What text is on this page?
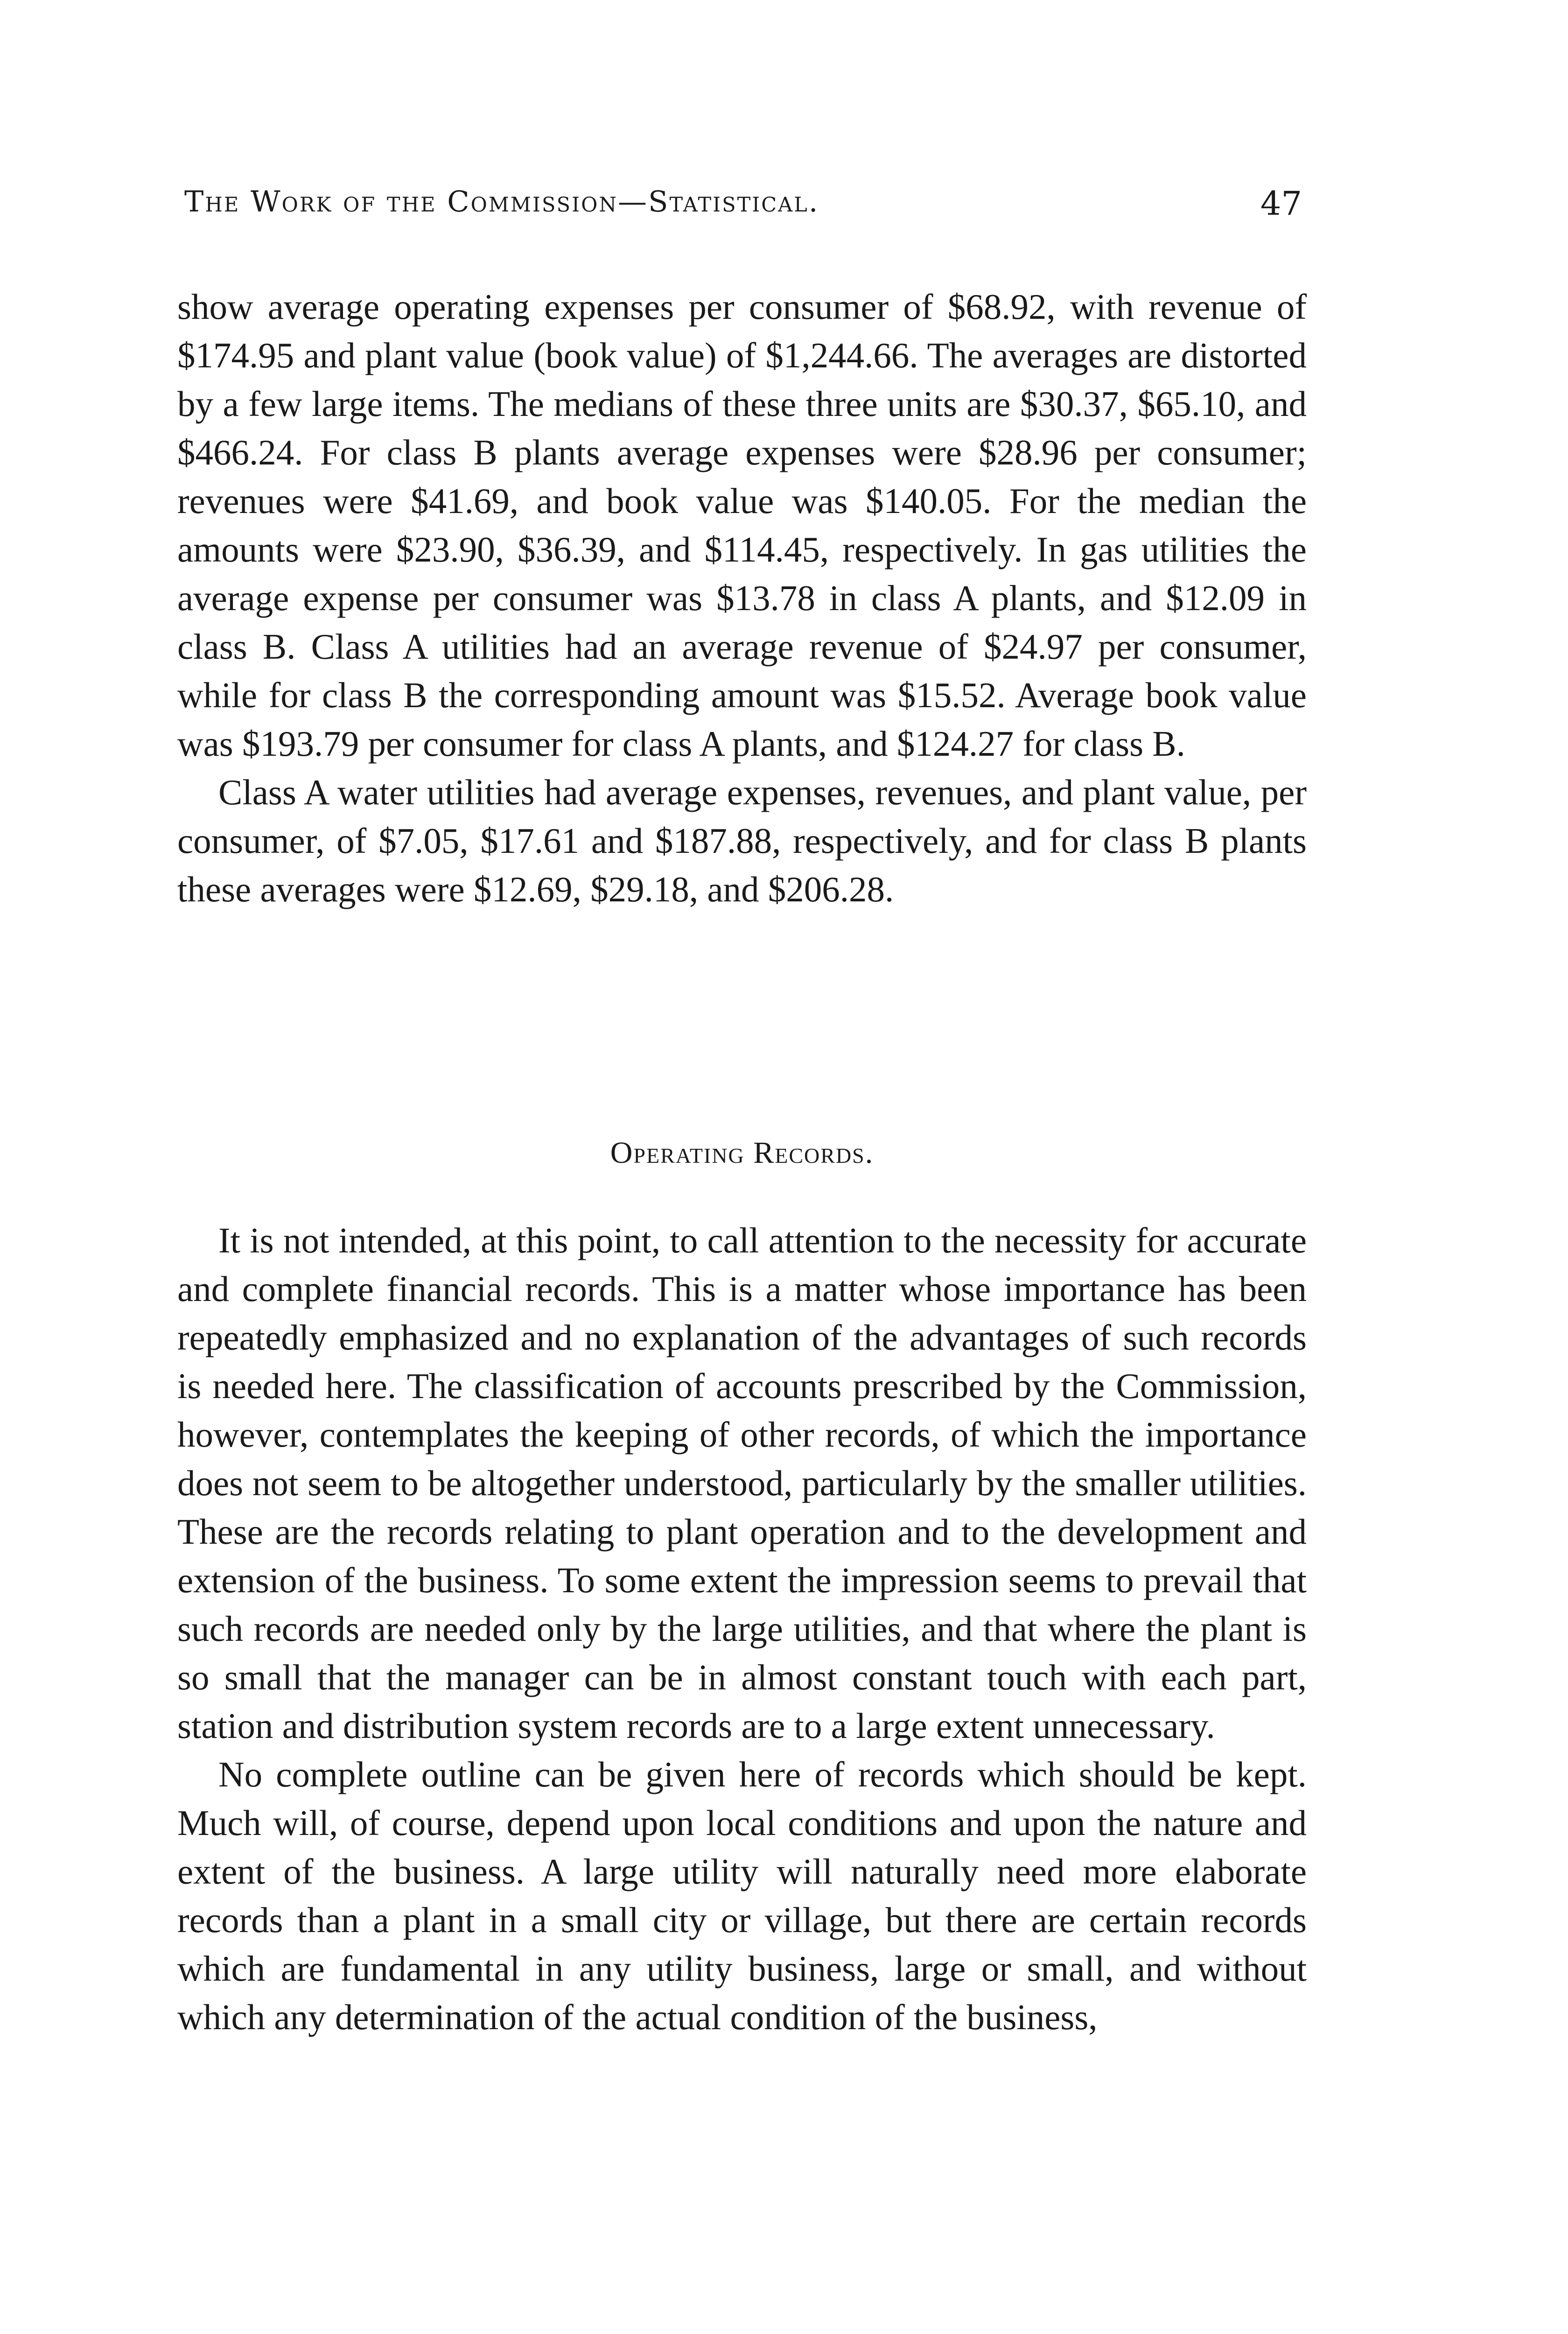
The Work of the Commission—Statistical.	47

show average operating expenses per consumer of $68.92, with revenue of $174.95 and plant value (book value) of $1,244.66. The averages are distorted by a few large items. The medians of these three units are $30.37, $65.10, and $466.24. For class B plants average expenses were $28.96 per consumer; revenues were $41.69, and book value was $140.05. For the median the amounts were $23.90, $36.39, and $114.45, respectively. In gas utilities the average expense per consumer was $13.78 in class A plants, and $12.09 in class B. Class A utilities had an average revenue of $24.97 per consumer, while for class B the corresponding amount was $15.52. Average book value was $193.79 per consumer for class A plants, and $124.27 for class B.

Class A water utilities had average expenses, revenues, and plant value, per consumer, of $7.05, $17.61 and $187.88, respectively, and for class B plants these averages were $12.69, $29.18, and $206.28.

Operating Records.

It is not intended, at this point, to call attention to the necessity for accurate and complete financial records. This is a matter whose importance has been repeatedly emphasized and no explanation of the advantages of such records is needed here. The classification of accounts prescribed by the Commission, however, contemplates the keeping of other records, of which the importance does not seem to be altogether understood, particularly by the smaller utilities. These are the records relating to plant operation and to the development and extension of the business. To some extent the impression seems to prevail that such records are needed only by the large utilities, and that where the plant is so small that the manager can be in almost constant touch with each part, station and distribution system records are to a large extent unnecessary.

No complete outline can be given here of records which should be kept. Much will, of course, depend upon local conditions and upon the nature and extent of the business. A large utility will naturally need more elaborate records than a plant in a small city or village, but there are certain records which are fundamental in any utility business, large or small, and without which any determination of the actual condition of the business,
